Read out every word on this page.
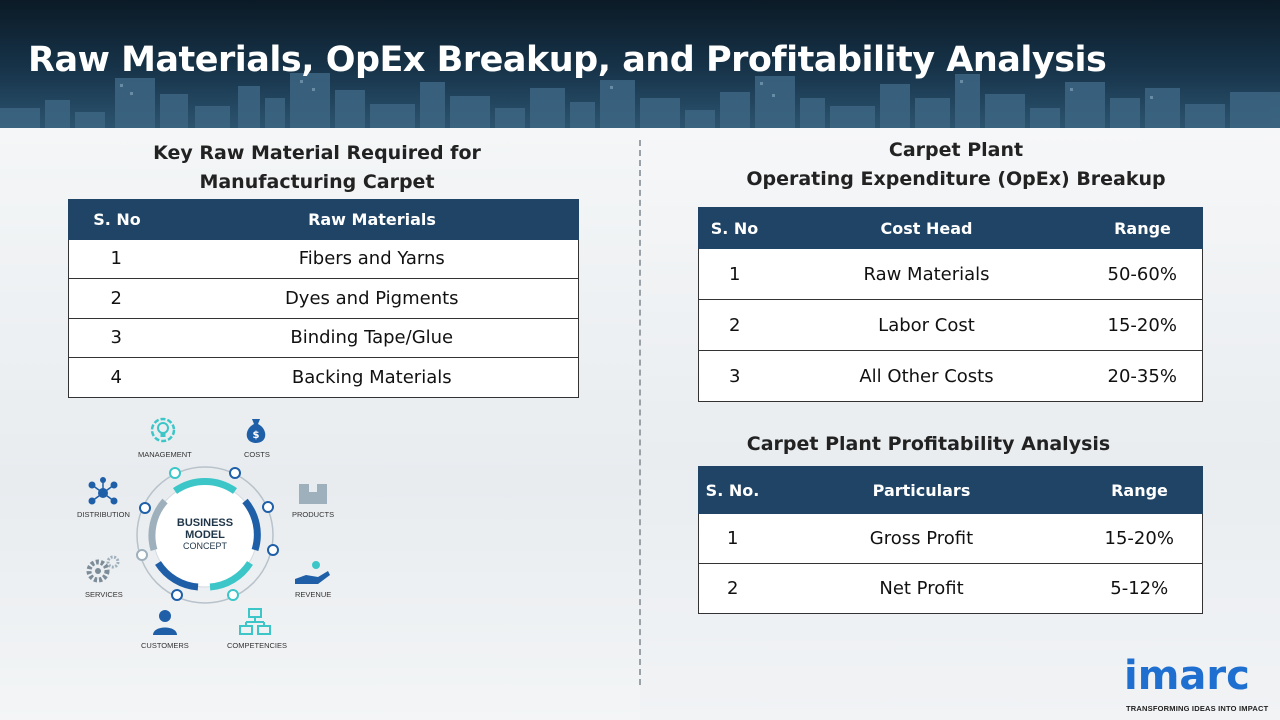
Raw Materials, OpEx Breakup, and Profitability Analysis
Key Raw Material Required for Manufacturing Carpet
S. No	Raw Materials
1	Fibers and Yarns
2	Dyes and Pigments
3	Binding Tape/Glue
4	Backing Materials
BUSINESS
MODEL
CONCEPT
MANAGEMENT
$
COSTS
PRODUCTS
REVENUE
COMPETENCIES
CUSTOMERS
SERVICES
DISTRIBUTION
Carpet Plant
Operating Expenditure (OpEx) Breakup
S. No	Cost Head	Range
1	Raw Materials	50-60%
2	Labor Cost	15-20%
3	All Other Costs	20-35%
Carpet Plant Profitability Analysis
S. No.	Particulars	Range
1	Gross Profit	15-20%
2	Net Profit	5-12%
imarc
TRANSFORMING IDEAS INTO IMPACT
